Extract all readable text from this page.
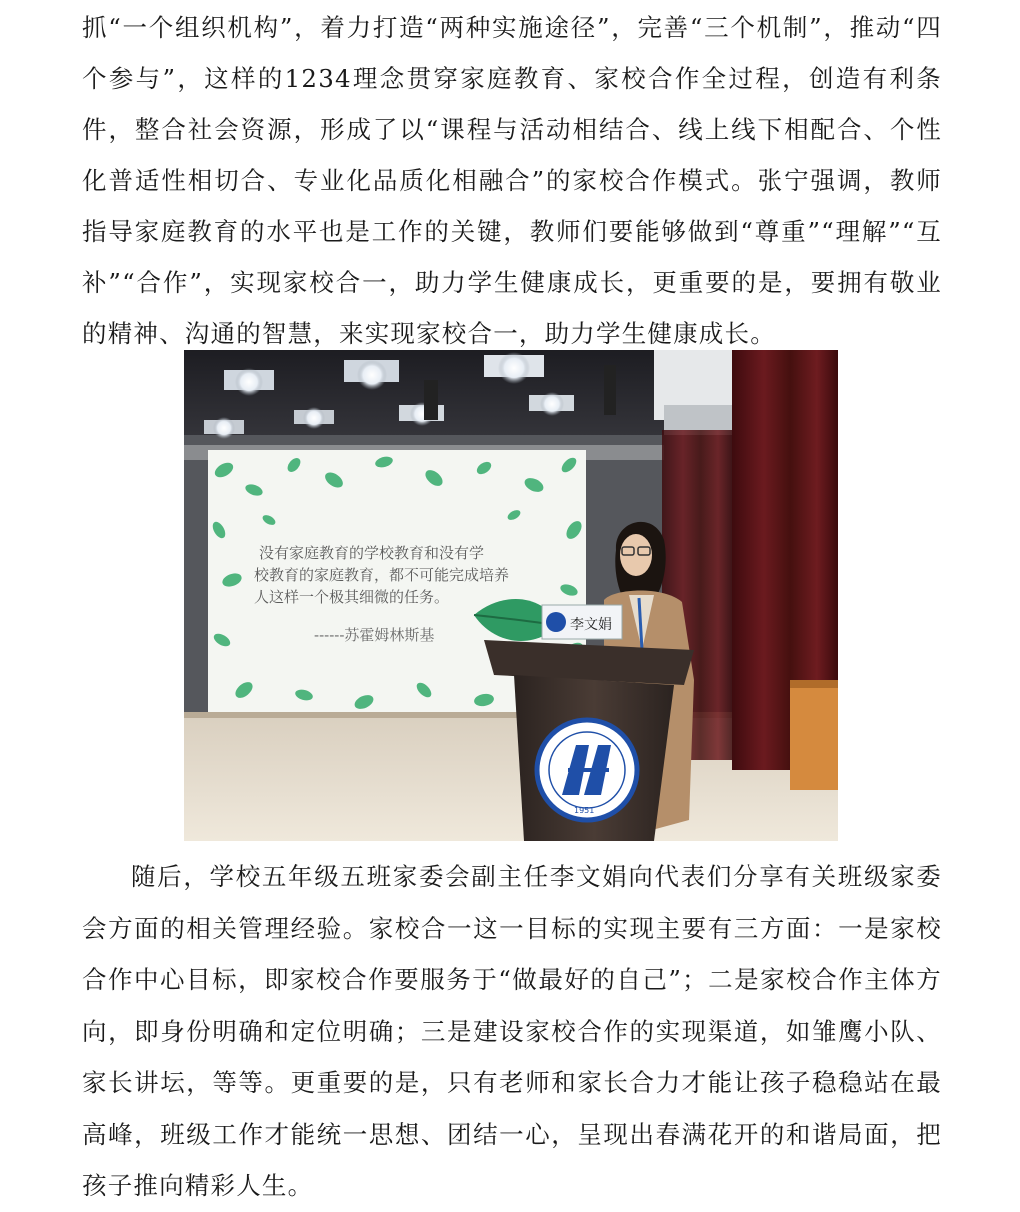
抓“一个组织机构”，着力打造“两种实施途径”，完善“三个机制”，推动“四个参与”，这样的1234理念贯穿家庭教育、家校合作全过程，创造有利条件，整合社会资源，形成了以“课程与活动相结合、线上线下相配合、个性化普适性相切合、专业化品质化相融合”的家校合作模式。张宁强调，教师指导家庭教育的水平也是工作的关键，教师们要能够做到“尊重”“理解”“互补”“合作”，实现家校合一，助力学生健康成长，更重要的是，要拥有敬业的精神、沟通的智慧，来实现家校合一，助力学生健康成长。

没有家庭教育的学校教育和没有学
校教育的家庭教育，都不可能完成培养
人这样一个极其细微的任务。
------苏霍姆林斯基
李文娟
1951

随后，学校五年级五班家委会副主任李文娟向代表们分享有关班级家委会方面的相关管理经验。家校合一这一目标的实现主要有三方面：一是家校合作中心目标，即家校合作要服务于“做最好的自己”；二是家校合作主体方向，即身份明确和定位明确；三是建设家校合作的实现渠道，如雏鹰小队、家长讲坛，等等。更重要的是，只有老师和家长合力才能让孩子稳稳站在最高峰，班级工作才能统一思想、团结一心，呈现出春满花开的和谐局面，把孩子推向精彩人生。
